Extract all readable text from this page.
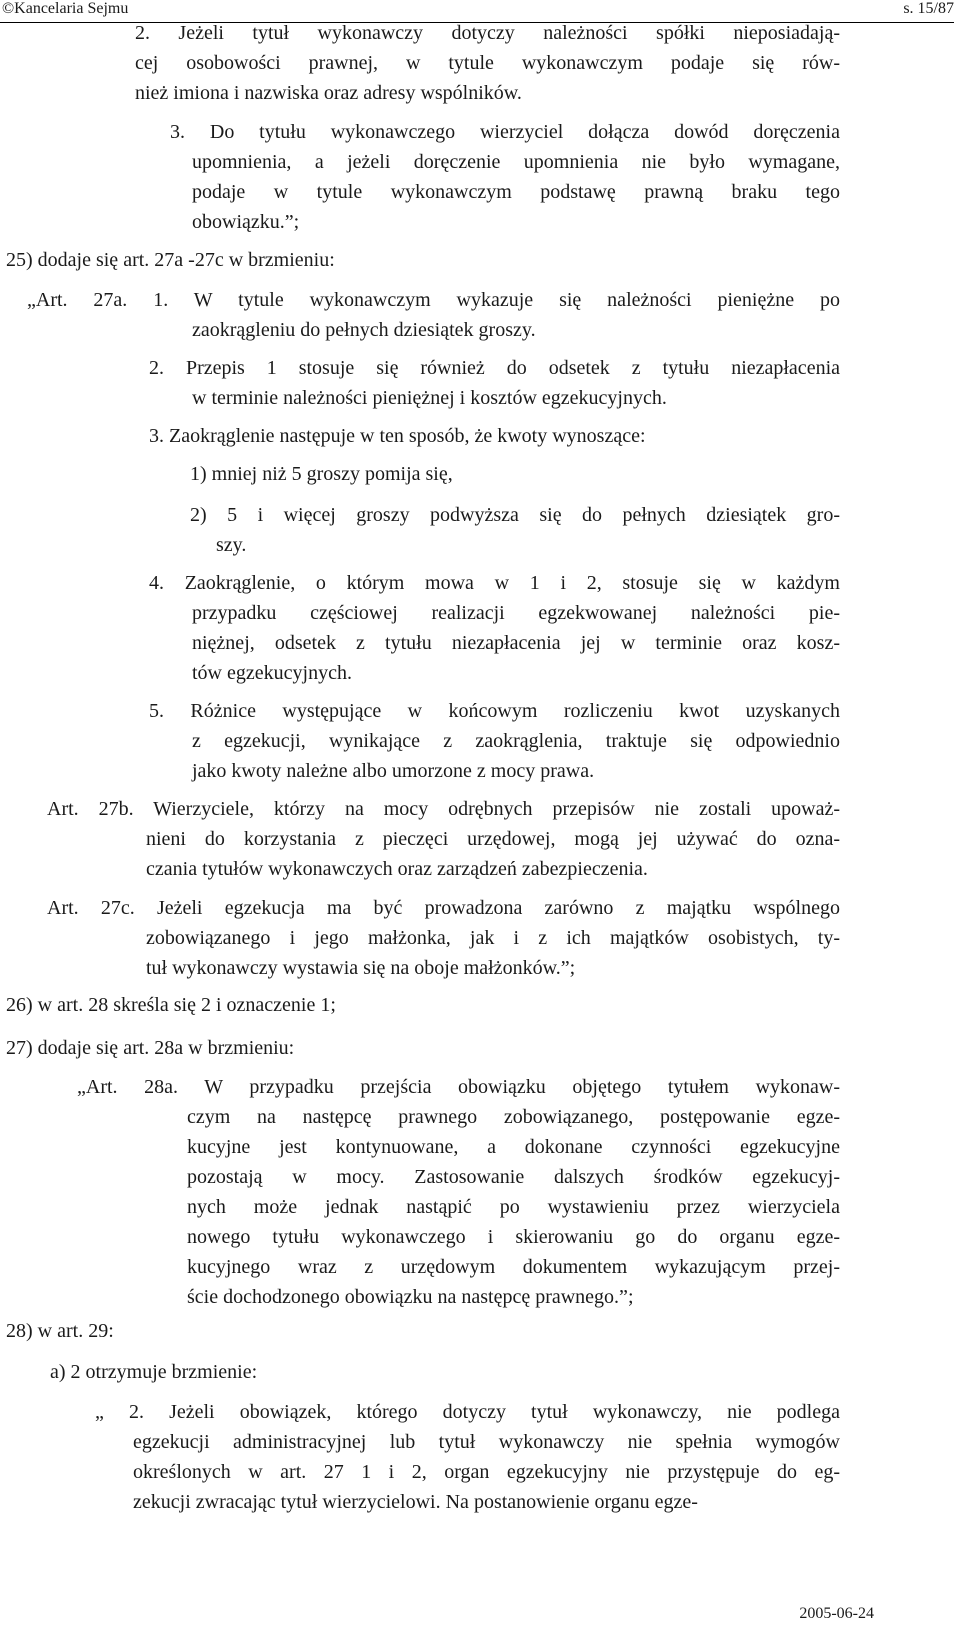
©Kancelaria Sejmu	s. 15/87
2. Jeżeli tytuł wykonawczy dotyczy należności spółki nieposiadają-
cej osobowości prawnej, w tytule wykonawczym podaje się rów-
nież imiona i nazwiska oraz adresy wspólników.
3. Do tytułu wykonawczego wierzyciel dołącza dowód doręczenia
upomnienia, a jeżeli doręczenie upomnienia nie było wymagane,
podaje w tytule wykonawczym podstawę prawną braku tego
obowiązku.”;
25) dodaje się art. 27a -27c w brzmieniu:
„Art. 27a. 1. W tytule wykonawczym wykazuje się należności pieniężne po
zaokrągleniu do pełnych dziesiątek groszy.
2. Przepis 1 stosuje się również do odsetek z tytułu niezapłacenia
w terminie należności pieniężnej i kosztów egzekucyjnych.
3. Zaokrąglenie następuje w ten sposób, że kwoty wynoszące:
1) mniej niż 5 groszy pomija się,
2) 5 i więcej groszy podwyższa się do pełnych dziesiątek gro-
szy.
4. Zaokrąglenie, o którym mowa w 1 i 2, stosuje się w każdym
przypadku częściowej realizacji egzekwowanej należności pie-
niężnej, odsetek z tytułu niezapłacenia jej w terminie oraz kosz-
tów egzekucyjnych.
5. Różnice występujące w końcowym rozliczeniu kwot uzyskanych
z egzekucji, wynikające z zaokrąglenia, traktuje się odpowiednio
jako kwoty należne albo umorzone z mocy prawa.
Art. 27b. Wierzyciele, którzy na mocy odrębnych przepisów nie zostali upoważ-
nieni do korzystania z pieczęci urzędowej, mogą jej używać do ozna-
czania tytułów wykonawczych oraz zarządzeń zabezpieczenia.
Art. 27c. Jeżeli egzekucja ma być prowadzona zarówno z majątku wspólnego
zobowiązanego i jego małżonka, jak i z ich majątków osobistych, ty-
tuł wykonawczy wystawia się na oboje małżonków.”;
26) w art. 28 skreśla się 2 i oznaczenie 1;
27) dodaje się art. 28a w brzmieniu:
„Art. 28a. W przypadku przejścia obowiązku objętego tytułem wykonaw-
czym na następcę prawnego zobowiązanego, postępowanie egze-
kucyjne jest kontynuowane, a dokonane czynności egzekucyjne
pozostają w mocy. Zastosowanie dalszych środków egzekucyj-
nych może jednak nastąpić po wystawieniu przez wierzyciela
nowego tytułu wykonawczego i skierowaniu go do organu egze-
kucyjnego wraz z urzędowym dokumentem wykazującym przej-
ście dochodzonego obowiązku na następcę prawnego.”;
28) w art. 29:
a) 2 otrzymuje brzmienie:
„ 2. Jeżeli obowiązek, którego dotyczy tytuł wykonawczy, nie podlega
egzekucji administracyjnej lub tytuł wykonawczy nie spełnia wymogów
określonych w art. 27 1 i 2, organ egzekucyjny nie przystępuje do eg-
zekucji zwracając tytuł wierzycielowi. Na postanowienie organu egze-
2005-06-24
